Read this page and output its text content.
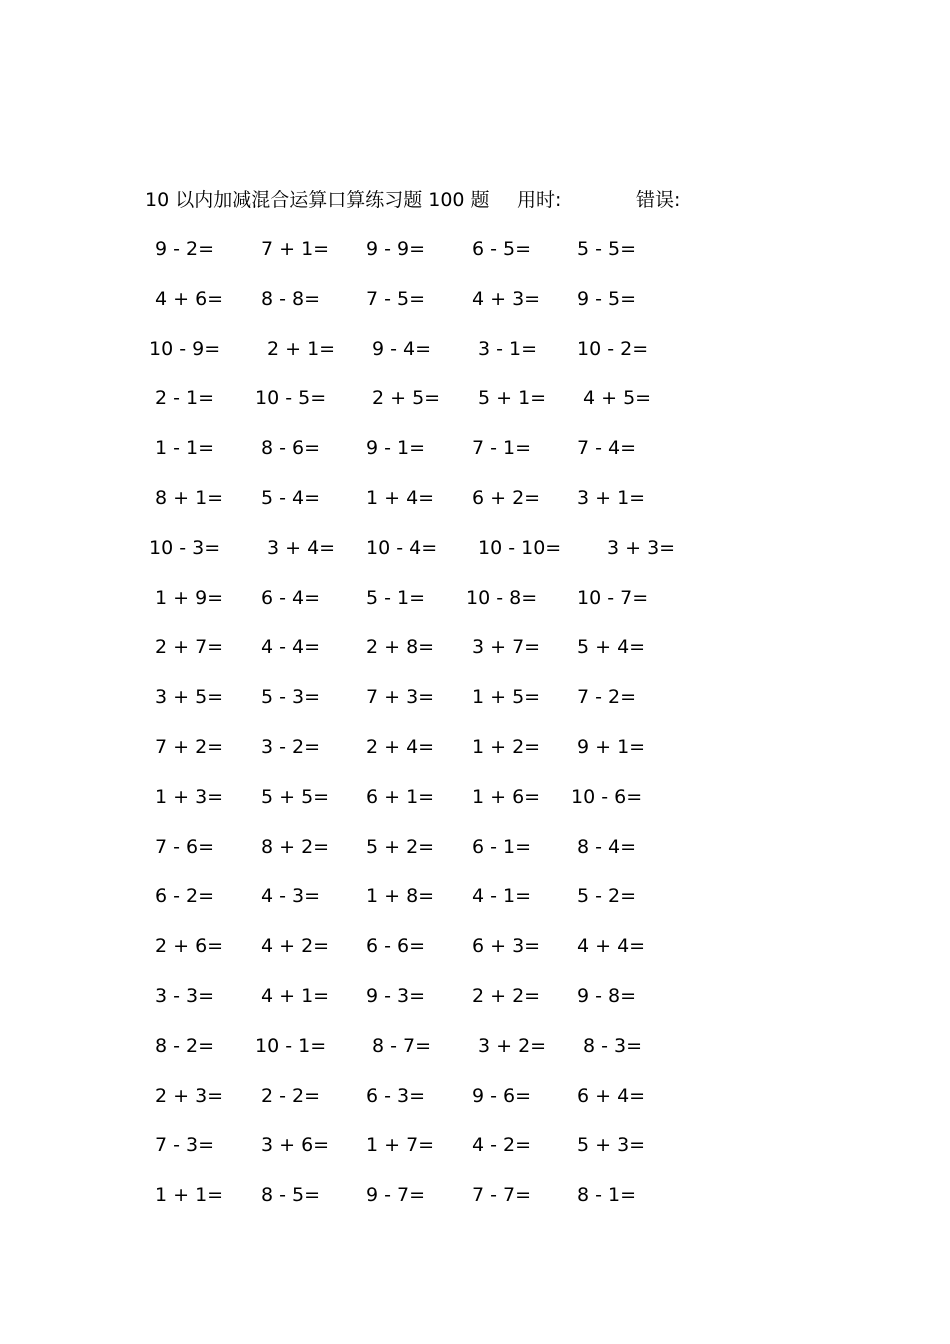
10 以内加减混合运算口算练习题 100 题 用时:	错误:
9 - 2= 7 + 1= 9 - 9= 6 - 5= 5 - 5=
4 + 6= 8 - 8= 7 - 5= 4 + 3= 9 - 5=
10 - 9= 2 + 1= 9 - 4= 3 - 1= 10 - 2=
2 - 1= 10 - 5= 2 + 5= 5 + 1= 4 + 5=
1 - 1= 8 - 6= 9 - 1= 7 - 1= 7 - 4=
8 + 1= 5 - 4= 1 + 4= 6 + 2= 3 + 1=
10 - 3= 3 + 4= 10 - 4= 10 - 10= 3 + 3=
1 + 9= 6 - 4= 5 - 1= 10 - 8= 10 - 7=
2 + 7= 4 - 4= 2 + 8= 3 + 7= 5 + 4=
3 + 5= 5 - 3= 7 + 3= 1 + 5= 7 - 2=
7 + 2= 3 - 2= 2 + 4= 1 + 2= 9 + 1=
1 + 3= 5 + 5= 6 + 1= 1 + 6= 10 - 6=
7 - 6= 8 + 2= 5 + 2= 6 - 1= 8 - 4=
6 - 2= 4 - 3= 1 + 8= 4 - 1= 5 - 2=
2 + 6= 4 + 2= 6 - 6= 6 + 3= 4 + 4=
3 - 3= 4 + 1= 9 - 3= 2 + 2= 9 - 8=
8 - 2= 10 - 1= 8 - 7= 3 + 2= 8 - 3=
2 + 3= 2 - 2= 6 - 3= 9 - 6= 6 + 4=
7 - 3= 3 + 6= 1 + 7= 4 - 2= 5 + 3=
1 + 1= 8 - 5= 9 - 7= 7 - 7= 8 - 1=
